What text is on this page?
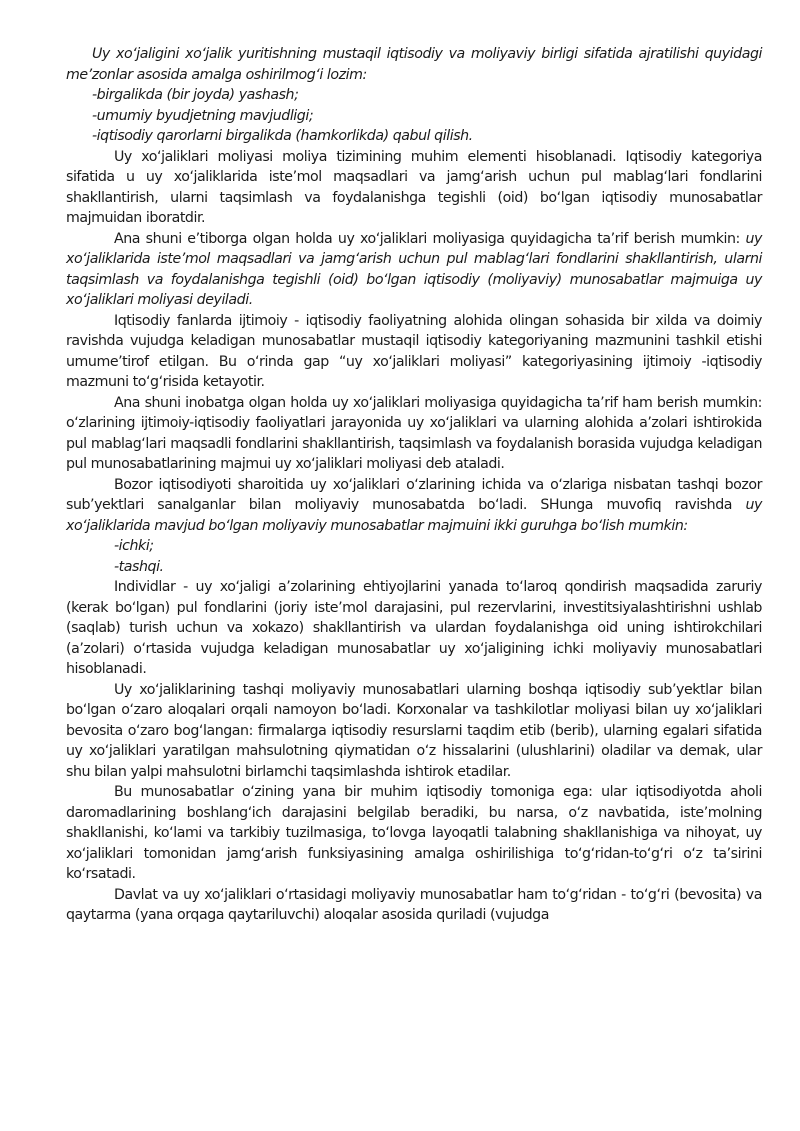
Uy xo‘jaligini xo‘jalik yuritishning mustaqil iqtisodiy va moliyaviy birligi sifatida ajratilishi quyidagi me’zonlar asosida amalga oshirilmog‘i lozim:

-birgalikda (bir joyda) yashash;

-umumiy byudjetning mavjudligi;

-iqtisodiy qarorlarni birgalikda (hamkorlikda) qabul qilish.

Uy xo‘jaliklari moliyasi moliya tizimining muhim elementi hisoblanadi. Iqtisodiy kategoriya sifatida u uy xo‘jaliklarida iste’mol maqsadlari va jamg‘arish uchun pul mablag‘lari fondlarini shakllantirish, ularni taqsimlash va foydalanishga tegishli (oid) bo‘lgan iqtisodiy munosabatlar majmuidan iboratdir.

Ana shuni e’tiborga olgan holda uy xo‘jaliklari moliyasiga quyidagicha ta’rif berish mumkin: uy xo‘jaliklarida iste’mol maqsadlari va jamg‘arish uchun pul mablag‘lari fondlarini shakllantirish, ularni taqsimlash va foydalanishga tegishli (oid) bo‘lgan iqtisodiy (moliyaviy) munosabatlar majmuiga uy xo‘jaliklari moliyasi deyiladi.

Iqtisodiy fanlarda ijtimoiy - iqtisodiy faoliyatning alohida olingan sohasida bir xilda va doimiy ravishda vujudga keladigan munosabatlar mustaqil iqtisodiy kategoriyaning mazmunini tashkil etishi umume’tirof etilgan. Bu o‘rinda gap “uy xo‘jaliklari moliyasi” kategoriyasining ijtimoiy -iqtisodiy mazmuni to‘g‘risida ketayotir.

Ana shuni inobatga olgan holda uy xo‘jaliklari moliyasiga quyidagicha ta’rif ham berish mumkin: o‘zlarining ijtimoiy-iqtisodiy faoliyatlari jarayonida uy xo‘jaliklari va ularning alohida a’zolari ishtirokida pul mablag‘lari maqsadli fondlarini shakllantirish, taqsimlash va foydalanish borasida vujudga keladigan pul munosabatlarining majmui uy xo‘jaliklari moliyasi deb ataladi.

Bozor iqtisodiyoti sharoitida uy xo‘jaliklari o‘zlarining ichida va o‘zlariga nisbatan tashqi bozor sub’yektlari sanalganlar bilan moliyaviy munosabatda bo‘ladi. SHunga muvofiq ravishda uy xo‘jaliklarida mavjud bo‘lgan moliyaviy munosabatlar majmuini ikki guruhga bo‘lish mumkin:

-ichki;

-tashqi.

Individlar - uy xo‘jaligi a’zolarining ehtiyojlarini yanada to‘laroq qondirish maqsadida zaruriy (kerak bo‘lgan) pul fondlarini (joriy iste’mol darajasini, pul rezervlarini, investitsiyalashtirishni ushlab (saqlab) turish uchun va xokazo) shakllantirish va ulardan foydalanishga oid uning ishtirokchilari (a’zolari) o‘rtasida vujudga keladigan munosabatlar uy xo‘jaligining ichki moliyaviy munosabatlari hisoblanadi.

Uy xo‘jaliklarining tashqi moliyaviy munosabatlari ularning boshqa iqtisodiy sub’yektlar bilan bo‘lgan o‘zaro aloqalari orqali namoyon bo‘ladi. Korxonalar va tashkilotlar moliyasi bilan uy xo‘jaliklari bevosita o‘zaro bog‘langan: firmalarga iqtisodiy resurslarni taqdim etib (berib), ularning egalari sifatida uy xo‘jaliklari yaratilgan mahsulotning qiymatidan o‘z hissalarini (ulushlarini) oladilar va demak, ular shu bilan yalpi mahsulotni birlamchi taqsimlashda ishtirok etadilar.

Bu munosabatlar o‘zining yana bir muhim iqtisodiy tomoniga ega: ular iqtisodiyotda aholi daromadlarining boshlang‘ich darajasini belgilab beradiki, bu narsa, o‘z navbatida, iste’molning shakllanishi, ko‘lami va tarkibiy tuzilmasiga, to‘lovga layoqatli talabning shakllanishiga va nihoyat, uy xo‘jaliklari tomonidan jamg‘arish funksiyasining amalga oshirilishiga to‘g‘ridan-to‘g‘ri o‘z ta’sirini ko‘rsatadi.

Davlat va uy xo‘jaliklari o‘rtasidagi moliyaviy munosabatlar ham to‘g‘ridan - to‘g‘ri (bevosita) va qaytarma (yana orqaga qaytariluvchi) aloqalar asosida quriladi (vujudga
